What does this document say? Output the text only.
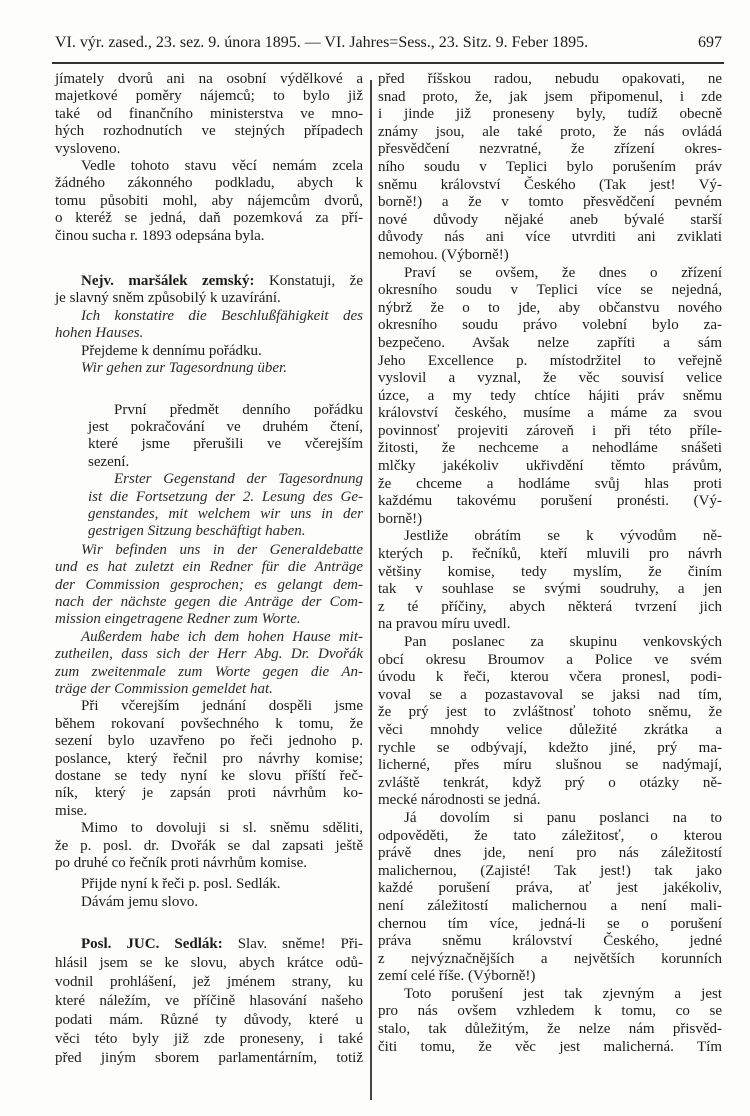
VI. výr. zased., 23. sez. 9. února 1895. — VI. Jahres=Sess., 23. Sitz. 9. Feber 1895.	697
jímately dvorů ani na osobní výdělkové a
majetkové poměry nájemců; to bylo již
také od finančního ministerstva ve mno-
hých rozhodnutích ve stejných případech
vysloveno.
Vedle tohoto stavu věcí nemám zcela
žádného zákonného podkladu, abych k
tomu působiti mohl, aby nájemcům dvorů,
o kteréž se jedná, daň pozemková za pří-
činou sucha r. 1893 odepsána byla.
Nejv. maršálek zemský: Konstatuji, že
je slavný sněm způsobilý k uzavírání.
Ich konstatire die Beschlußfähigkeit des
hohen Hauses.
Přejdeme k dennímu pořádku.
Wir gehen zur Tagesordnung über.
První předmět denního pořádku
jest pokračování ve druhém čtení,
které jsme přerušili ve včerejším
sezení.
Erster Gegenstand der Tagesordnung
ist die Fortsetzung der 2. Lesung des Ge-
genstandes, mit welchem wir uns in der
gestrigen Sitzung beschäftigt haben.
Wir befinden uns in der Generaldebatte
und es hat zuletzt ein Redner für die Anträge
der Commission gesprochen; es gelangt dem-
nach der nächste gegen die Anträge der Com-
mission eingetragene Redner zum Worte.
Außerdem habe ich dem hohen Hause mit-
zutheilen, dass sich der Herr Abg. Dr. Dvořák
zum zweitenmale zum Worte gegen die An-
träge der Commission gemeldet hat.
Při včerejším jednání dospěli jsme
během rokovaní povšechného k tomu, že
sezení bylo uzavřeno po řeči jednoho p.
poslance, který řečnil pro návrhy komise;
dostane se tedy nyní ke slovu příští řeč-
ník, který je zapsán proti návrhům ko-
mise.
Mimo to dovoluji si sl. sněmu sděliti,
že p. posl. dr. Dvořák se dal zapsati ještě
po druhé co řečník proti návrhům komise.
Přijde nyní k řeči p. posl. Sedlák.
Dávám jemu slovo.
Posl. JUC. Sedlák: Slav. sněme! Při-
hlásil jsem se ke slovu, abych krátce odů-
vodnil prohlášení, jež jménem strany, ku
které náležím, ve příčině hlasování našeho
podati mám. Různé ty důvody, které u
věci této byly již zde proneseny, i také
před jiným sborem parlamentárním, totiž
před říšskou radou, nebudu opakovati, ne
snad proto, že, jak jsem připomenul, i zde
i jinde již proneseny byly, tudíž obecně
známy jsou, ale také proto, že nás ovládá
přesvědčení nezvratné, že zřízení okres-
ního soudu v Teplici bylo porušením práv
sněmu království Českého (Tak jest! Vý-
borně!) a že v tomto přesvědčení pevném
nové důvody nějaké aneb bývalé starší
důvody nás ani více utvrditi ani zviklati
nemohou. (Výborně!)
Praví se ovšem, že dnes o zřízení
okresního soudu v Teplici více se nejedná,
nýbrž že o to jde, aby občanstvu nového
okresního soudu právo volební bylo za-
bezpečeno. Avšak nelze zapříti a sám
Jeho Excellence p. místodržitel to veřejně
vyslovil a vyznal, že věc souvisí velice
úzce, a my tedy chtíce hájiti práv sněmu
království českého, musíme a máme za svou
povinnosť projeviti zároveň i při této příle-
žitosti, že nechceme a nehodláme snášeti
mlčky jakékoliv ukřivdění těmto právům,
že chceme a hodláme svůj hlas proti
každému takovému porušení pronésti. (Vý-
borně!)
Jestliže obrátím se k vývodům ně-
kterých p. řečníků, kteří mluvili pro návrh
většiny komise, tedy myslím, že činím
tak v souhlase se svými soudruhy, a jen
z té příčiny, abych některá tvrzení jich
na pravou míru uvedl.
Pan poslanec za skupinu venkovských
obcí okresu Broumov a Police ve svém
úvodu k řeči, kterou včera pronesl, podi-
voval se a pozastavoval se jaksi nad tím,
že prý jest to zvláštnosť tohoto sněmu, že
věci mnohdy velice důležité zkrátka a
rychle se odbývají, kdežto jiné, prý ma-
licherné, přes míru slušnou se nadýmají,
zvláště tenkrát, když prý o otázky ně-
mecké národnosti se jedná.
Já dovolím si panu poslanci na to
odpověděti, že tato záležitosť, o kterou
právě dnes jde, není pro nás záležitostí
malichernou, (Zajisté! Tak jest!) tak jako
každé porušení práva, ať jest jakékoliv,
není záležitostí malichernou a není mali-
chernou tím více, jedná-li se o porušení
práva sněmu království Českého, jedné
z nejvýznačnějších a největších korunních
zemí celé říše. (Výborně!)
Toto porušení jest tak zjevným a jest
pro nás ovšem vzhledem k tomu, co se
stalo, tak důležitým, že nelze nám přisvěd-
čiti tomu, že věc jest malicherná. Tím
